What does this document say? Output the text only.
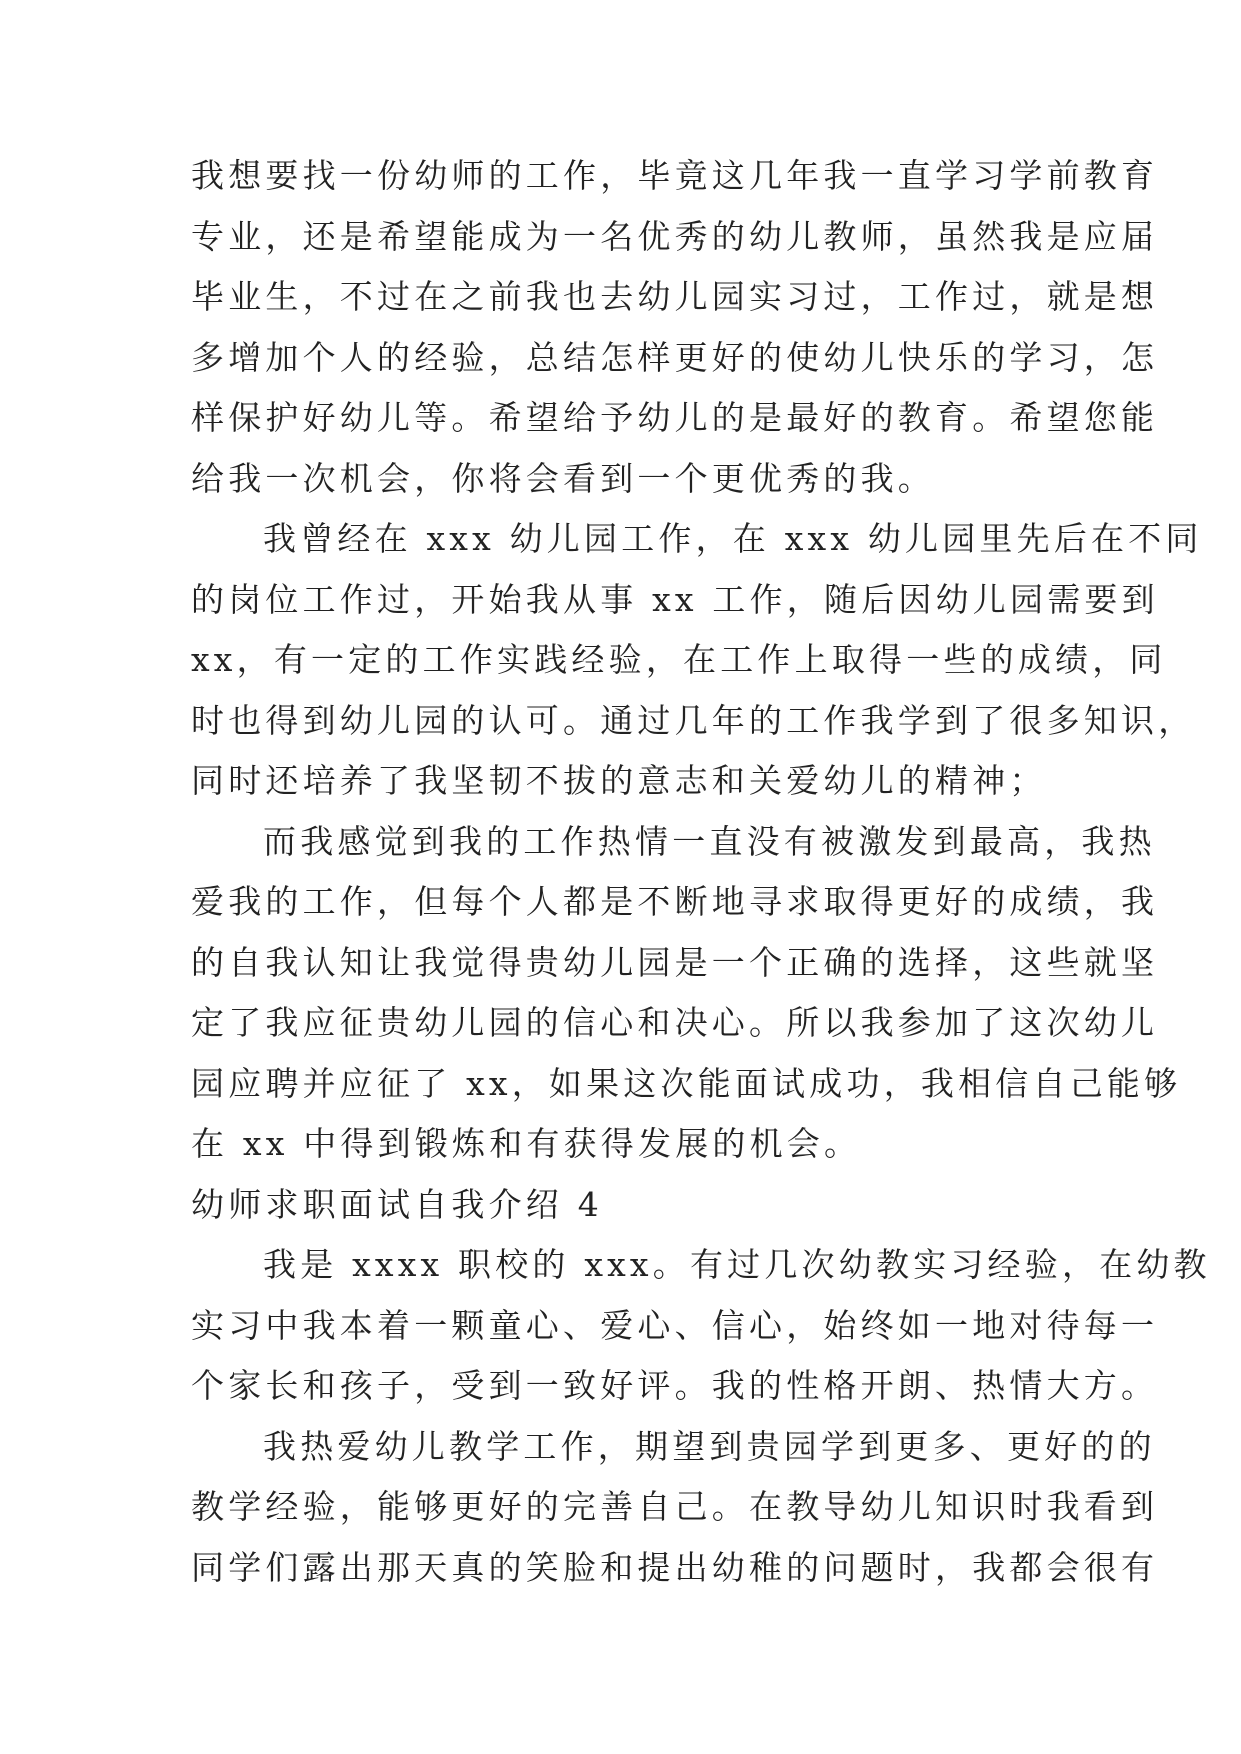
我想要找一份幼师的工作，毕竟这几年我一直学习学前教育
专业，还是希望能成为一名优秀的幼儿教师，虽然我是应届
毕业生，不过在之前我也去幼儿园实习过，工作过，就是想
多增加个人的经验，总结怎样更好的使幼儿快乐的学习，怎
样保护好幼儿等。希望给予幼儿的是最好的教育。希望您能
给我一次机会，你将会看到一个更优秀的我。
我曾经在 xxx 幼儿园工作，在 xxx 幼儿园里先后在不同
的岗位工作过，开始我从事 xx 工作，随后因幼儿园需要到
xx，有一定的工作实践经验，在工作上取得一些的成绩，同
时也得到幼儿园的认可。通过几年的工作我学到了很多知识，
同时还培养了我坚韧不拔的意志和关爱幼儿的精神；
而我感觉到我的工作热情一直没有被激发到最高，我热
爱我的工作，但每个人都是不断地寻求取得更好的成绩，我
的自我认知让我觉得贵幼儿园是一个正确的选择，这些就坚
定了我应征贵幼儿园的信心和决心。所以我参加了这次幼儿
园应聘并应征了 xx，如果这次能面试成功，我相信自己能够
在 xx 中得到锻炼和有获得发展的机会。
幼师求职面试自我介绍 4
我是 xxxx 职校的 xxx。有过几次幼教实习经验，在幼教
实习中我本着一颗童心、爱心、信心，始终如一地对待每一
个家长和孩子，受到一致好评。我的性格开朗、热情大方。
我热爱幼儿教学工作，期望到贵园学到更多、更好的的
教学经验，能够更好的完善自己。在教导幼儿知识时我看到
同学们露出那天真的笑脸和提出幼稚的问题时，我都会很有
